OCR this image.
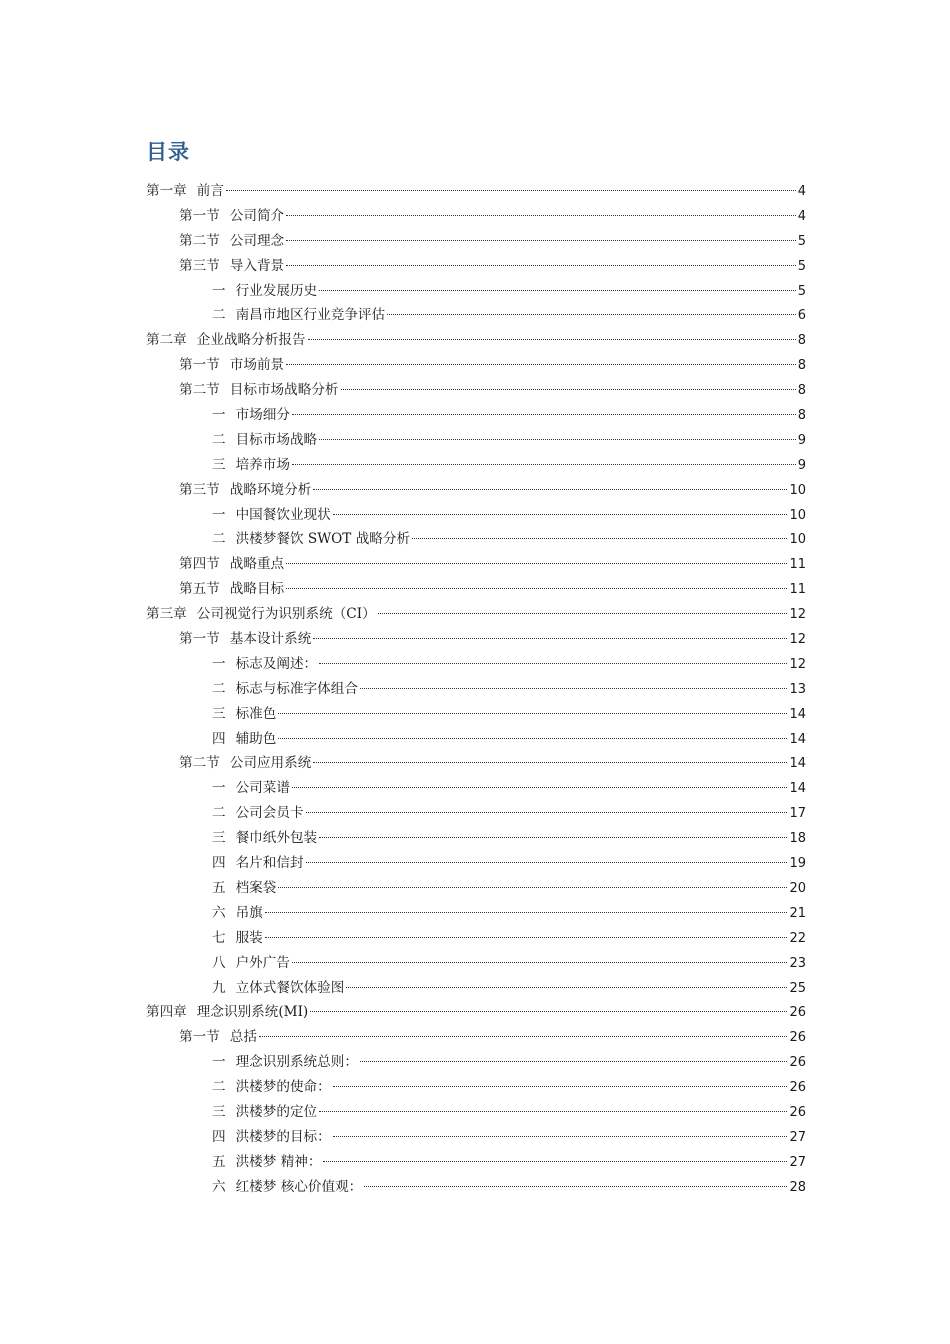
目录
第一章 前言	4
第一节 公司简介	4
第二节 公司理念	5
第三节 导入背景	5
一 行业发展历史	5
二 南昌市地区行业竞争评估	6
第二章 企业战略分析报告	8
第一节 市场前景	8
第二节 目标市场战略分析	8
一 市场细分	8
二 目标市场战略	9
三 培养市场	9
第三节 战略环境分析	10
一 中国餐饮业现状	10
二 洪楼梦餐饮 SWOT 战略分析	10
第四节 战略重点	11
第五节 战略目标	11
第三章 公司视觉行为识别系统（CI）	12
第一节 基本设计系统	12
一 标志及阐述：	12
二 标志与标准字体组合	13
三 标准色	14
四 辅助色	14
第二节 公司应用系统	14
一 公司菜谱	14
二 公司会员卡	17
三 餐巾纸外包装	18
四 名片和信封	19
五 档案袋	20
六 吊旗	21
七 服装	22
八 户外广告	23
九 立体式餐饮体验图	25
第四章 理念识别系统(MI)	26
第一节 总括	26
一 理念识别系统总则：	26
二 洪楼梦的使命：	26
三 洪楼梦的定位	26
四 洪楼梦的目标：	27
五 洪楼梦 精神：	27
六 红楼梦 核心价值观：	28
